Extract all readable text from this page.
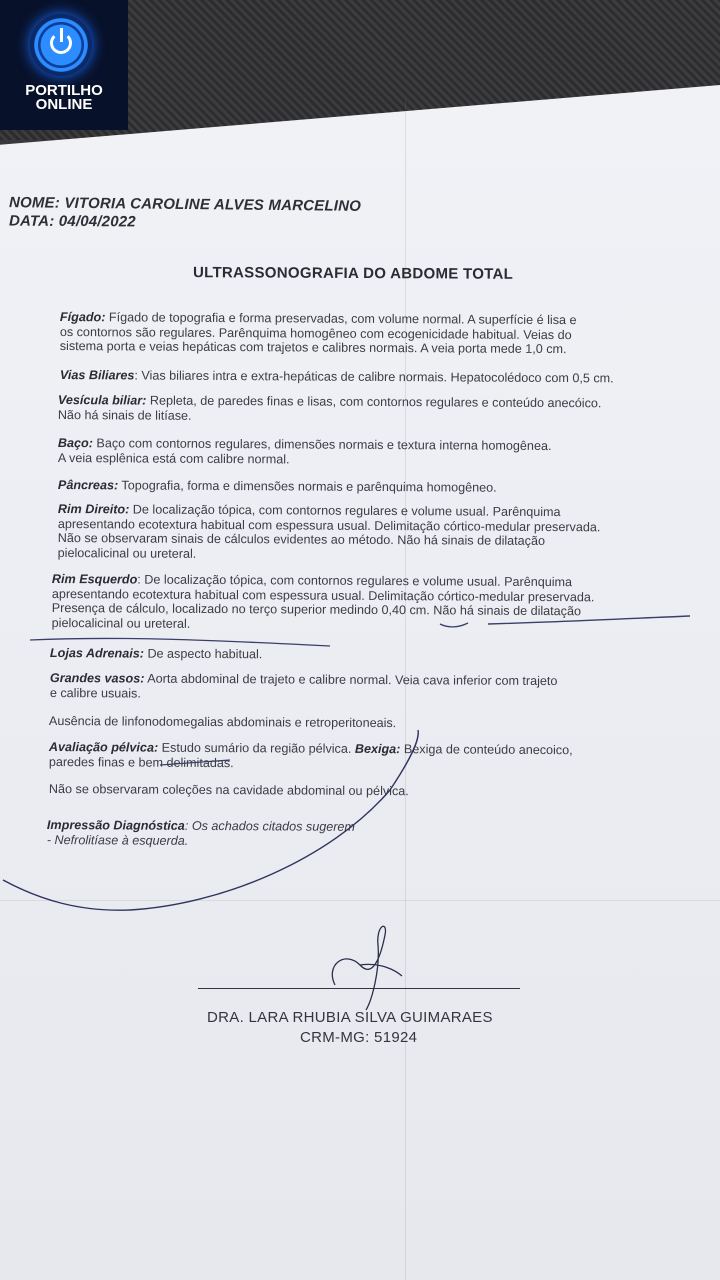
PORTILHO
ONLINE
NOME: VITORIA CAROLINE ALVES MARCELINO
DATA: 04/04/2022
ULTRASSONOGRAFIA DO ABDOME TOTAL
Fígado: Fígado de topografia e forma preservadas, com volume normal. A superfície é lisa e
os contornos são regulares. Parênquima homogêneo com ecogenicidade habitual. Veias do
sistema porta e veias hepáticas com trajetos e calibres normais. A veia porta mede 1,0 cm.
Vias Biliares: Vias biliares intra e extra-hepáticas de calibre normais. Hepatocolédoco com 0,5 cm.
Vesícula biliar: Repleta, de paredes finas e lisas, com contornos regulares e conteúdo anecóico.
Não há sinais de litíase.
Baço: Baço com contornos regulares, dimensões normais e textura interna homogênea.
A veia esplênica está com calibre normal.
Pâncreas: Topografia, forma e dimensões normais e parênquima homogêneo.
Rim Direito: De localização tópica, com contornos regulares e volume usual. Parênquima
apresentando ecotextura habitual com espessura usual. Delimitação córtico-medular preservada.
Não se observaram sinais de cálculos evidentes ao método. Não há sinais de dilatação
pielocalicinal ou ureteral.
Rim Esquerdo: De localização tópica, com contornos regulares e volume usual. Parênquima
apresentando ecotextura habitual com espessura usual. Delimitação córtico-medular preservada.
Presença de cálculo, localizado no terço superior medindo 0,40 cm. Não há sinais de dilatação
pielocalicinal ou ureteral.
Lojas Adrenais: De aspecto habitual.
Grandes vasos: Aorta abdominal de trajeto e calibre normal. Veia cava inferior com trajeto
e calibre usuais.
Ausência de linfonodomegalias abdominais e retroperitoneais.
Avaliação pélvica: Estudo sumário da região pélvica. Bexiga: Bexiga de conteúdo anecoico,
paredes finas e bem delimitadas.
Não se observaram coleções na cavidade abdominal ou pélvica.
Impressão Diagnóstica: Os achados citados sugerem
- Nefrolitíase à esquerda.
DRA. LARA RHUBIA SILVA GUIMARAES
CRM-MG: 51924
